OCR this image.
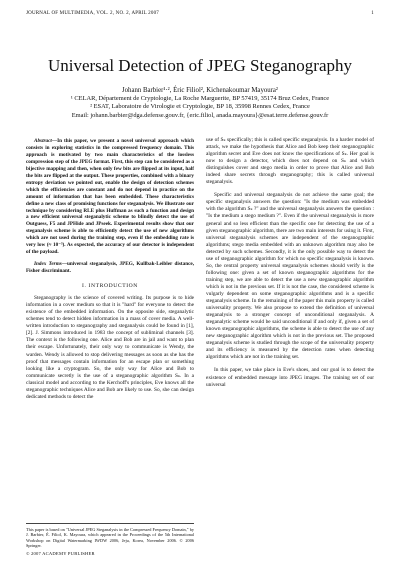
JOURNAL OF MULTIMEDIA, VOL. 2, NO. 2, APRIL 2007	1
Universal Detection of JPEG Steganography
Johann Barbier¹·², Éric Filiol², Kichenakoumar Mayoura²
¹ CELAR, Département de Cryptologie, La Roche Marguerite, BP 57419, 35174 Bruz Cedex, France
² ESAT, Laboratoire de Virologie et Cryptologie, BP 18, 35998 Rennes Cedex, France
Email: johann.barbier@dga.defense.gouv.fr, {eric.filiol, anada.mayoura}@esat.terre.defense.gouv.fr
Abstract—In this paper, we present a novel universal approach which consists in exploring statistics in the compressed frequency domain. This approach is motivated by two main characteristics of the lossless compression step of the JPEG format. First, this step can be considered as a bijective mapping and then, when only few bits are flipped at its input, half the bits are flipped at the output. These properties, combined with a binary entropy deviation we pointed out, enable the design of detection schemes which the efficiencies are constant and do not depend in practice on the amount of information that has been embedded. These characteristics define a new class of promising functions for steganalysis. We illustrate our technique by considering RLE plus Huffman as such a function and design a new efficient universal steganalytic scheme to blindly detect the use of Outguess, F5 and JPHide and JPseek. Experimental results show that our steganalysis scheme is able to efficiently detect the use of new algorithms which are not used during the training step, even if the embedding rate is very low (≈ 10⁻⁵). As expected, the accuracy of our detector is independent of the payload.
Index Terms—universal steganalysis, JPEG, Kullbak-Leibler distance, Fisher discriminant.
I. INTRODUCTION

Steganography is the science of covered writing. Its purpose is to hide information in a cover medium so that it is "hard" for everyone to detect the existence of the embedded information. On the opposite side, steganalytic schemes tend to detect hidden information in a mass of cover media. A well-written introduction to steganography and steganalysis could be found in [1], [2]. J. Simmons introduced in 1983 the concept of subliminal channels [3]. The context is the following one. Alice and Bob are in jail and want to plan their escape. Unfortunately, their only way to communicate is Wendy, the warden. Wendy is allowed to stop delivering messages as soon as she has the proof that messages contain information for an escape plan or something looking like a cryptogram. So, the only way for Alice and Bob to communicate secretly is the use of a steganographic algorithm Sₖ. In a classical model and according to the Kerchoff's principles, Eve knows all the steganographic techniques Alice and Bob are likely to use. So, she can design dedicated methods to detect the

use of Sₖ specifically; this is called specific steganalysis. In a harder model of attack, we make the hypothesis that Alice and Bob keep their steganographic algorithm secret and Eve does not know the specifications of Sₖ. Her goal is now to design a detector, which does not depend on Sₖ and which distinguishes cover and stego media in order to prove that Alice and Bob indeed share secrets through steganography; this is called universal steganalysis.

Specific and universal steganalysis do not achieve the same goal; the specific steganalysis answers the question: "Is the medium was embedded with the algorithm Sₖ ?" and the universal steganalysis answers the question : "Is the medium a stego medium ?". Even if the universal steganalysis is more general and so less efficient than the specific one for detecting the use of a given steganographic algorithm, there are two main interests for using it. First, universal steganalysis schemes are independent of the steganographic algorithms; stego media embedded with an unknown algorithm may also be detected by such schemes. Secondly, it is the only possible way to detect the use of steganographic algorithm for which no specific steganalysis is known. So, the central property universal steganalysis schemes should verify is the following one: given a set of known steganographic algorithms for the training step, we are able to detect the use a new steganographic algorithm which is not in the previous set. If it is not the case, the considered scheme is vulgarly dependent on some steganographic algorithms and is a specific steganalysis scheme. In the remaining of the paper this main property is called universality property. We also propose to extend the definition of universal steganalysis to a stronger concept of unconditional steganalysis. A steganalytic scheme would be said unconditional if and only if, given a set of known steganographic algorithms, the scheme is able to detect the use of any new steganographic algorithm which is not in the previous set. The proposed steganalysis scheme is studied through the scope of the universality property and its efficiency is measured by the detection rates when detecting algorithms which are not in the training set.

In this paper, we take place in Eve's shoes, and our goal is to detect the existence of embedded message into JPEG images. The training set of our universal

This paper is based on "Universal JPEG Steganalysis in the Compressed Frequency Domain," by J. Barbier, É. Filiol, K. Mayoura, which appeared in the Proceedings of the 5th International Workshop on Digital Watermarking IWDW 2006, Jeju, Korea, November 2006. © 2006 Springer.
© 2007 ACADEMY PUBLISHER
